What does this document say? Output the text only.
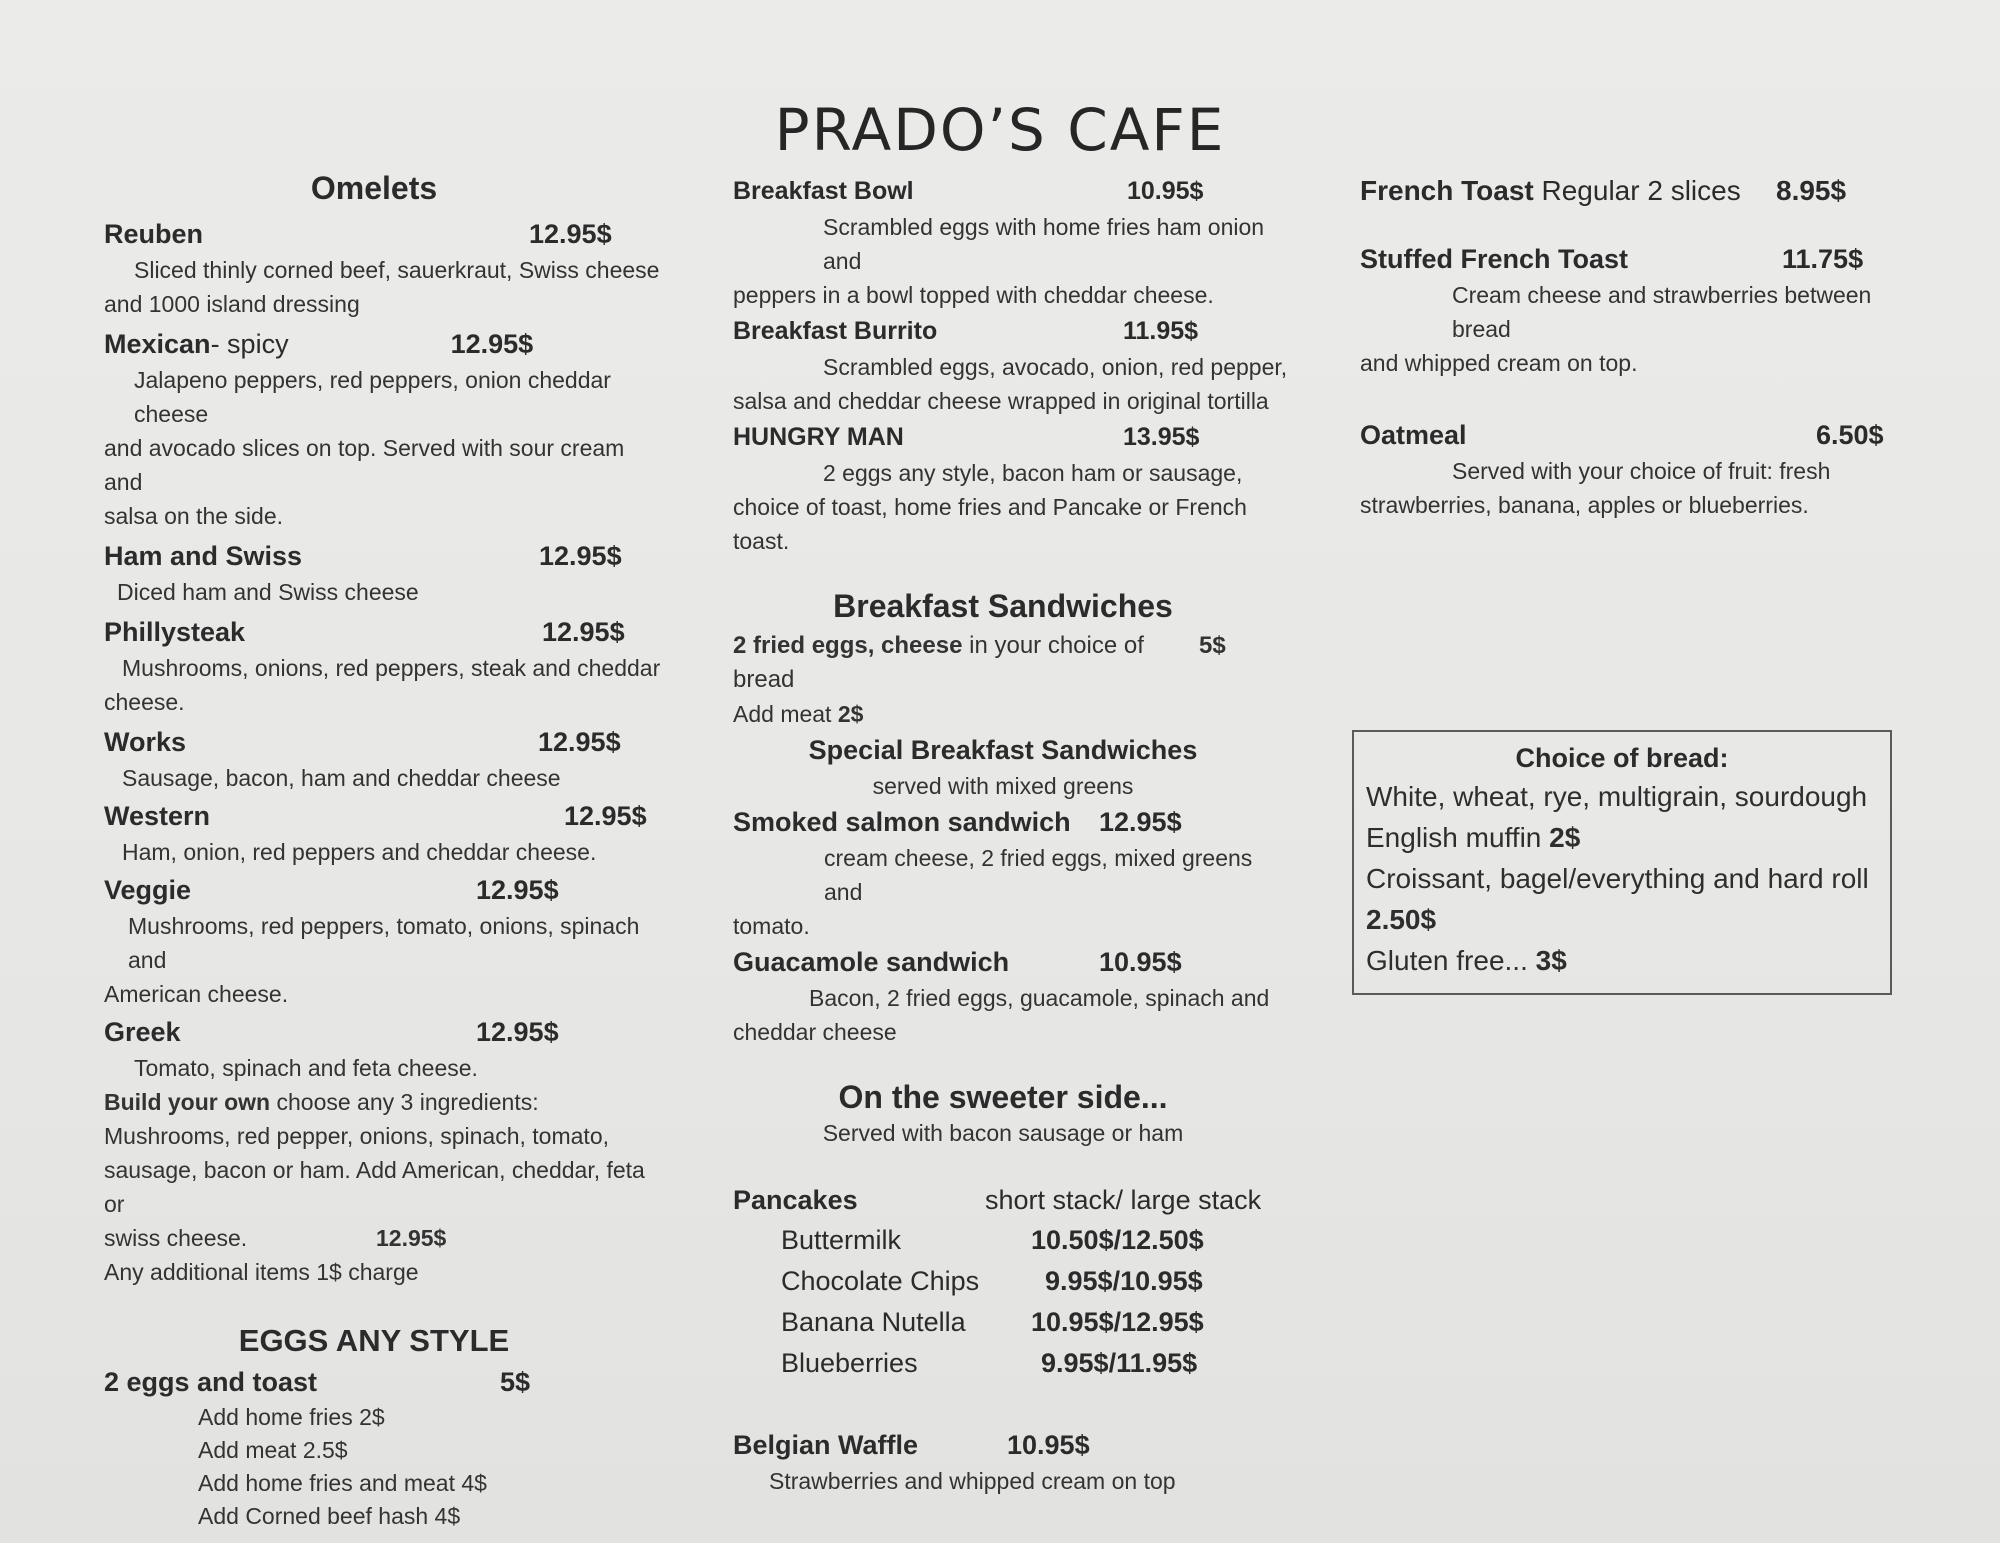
PRADO’S CAFE
Omelets
Reuben	12.95$
Sliced thinly corned beef, sauerkraut, Swiss cheese
and 1000 island dressing
Mexican - spicy	12.95$
Jalapeno peppers, red peppers, onion cheddar cheese
and avocado slices on top. Served with sour cream and
salsa on the side.
Ham and Swiss	12.95$
Diced ham and Swiss cheese
Phillysteak	12.95$
Mushrooms, onions, red peppers, steak and cheddar
cheese.
Works	12.95$
Sausage, bacon, ham and cheddar cheese
Western	12.95$
Ham, onion, red peppers and cheddar cheese.
Veggie	12.95$
Mushrooms, red peppers, tomato, onions, spinach and
American cheese.
Greek	12.95$
Tomato, spinach and feta cheese.
Build your own choose any 3 ingredients:
Mushrooms, red pepper, onions, spinach, tomato,
sausage, bacon or ham. Add American, cheddar, feta or
swiss cheese.	12.95$
Any additional items 1$ charge
EGGS ANY STYLE
2 eggs and toast	5$
Add home fries 2$
Add meat 2.5$
Add home fries and meat 4$
Add Corned beef hash 4$
Breakfast Bowl	10.95$
Scrambled eggs with home fries ham onion and
peppers in a bowl topped with cheddar cheese.
Breakfast Burrito	11.95$
Scrambled eggs, avocado, onion, red pepper,
salsa and cheddar cheese wrapped in original tortilla
HUNGRY MAN	13.95$
2 eggs any style, bacon ham or sausage,
choice of toast, home fries and Pancake or French toast.
Breakfast Sandwiches
2 fried eggs, cheese in your choice of bread
5$
Add meat 2$
Special Breakfast Sandwiches
served with mixed greens
Smoked salmon sandwich	12.95$
cream cheese, 2 fried eggs, mixed greens and
tomato.
Guacamole sandwich	10.95$
Bacon, 2 fried eggs, guacamole, spinach and
cheddar cheese
On the sweeter side...
Served with bacon sausage or ham
Pancakes	short stack/ large stack
Buttermilk	10.50$/12.50$
Chocolate Chips	9.95$/10.95$
Banana Nutella	10.95$/12.95$
Blueberries	9.95$/11.95$
Belgian Waffle	10.95$
Strawberries and whipped cream on top
French Toast Regular 2 slices	8.95$
Stuffed French Toast	11.75$
Cream cheese and strawberries between bread
and whipped cream on top.
Oatmeal	6.50$
Served with your choice of fruit: fresh
strawberries, banana, apples or blueberries.
Choice of bread:
White, wheat, rye, multigrain, sourdough
English muffin 2$
Croissant, bagel/everything and hard roll
2.50$
Gluten free... 3$
